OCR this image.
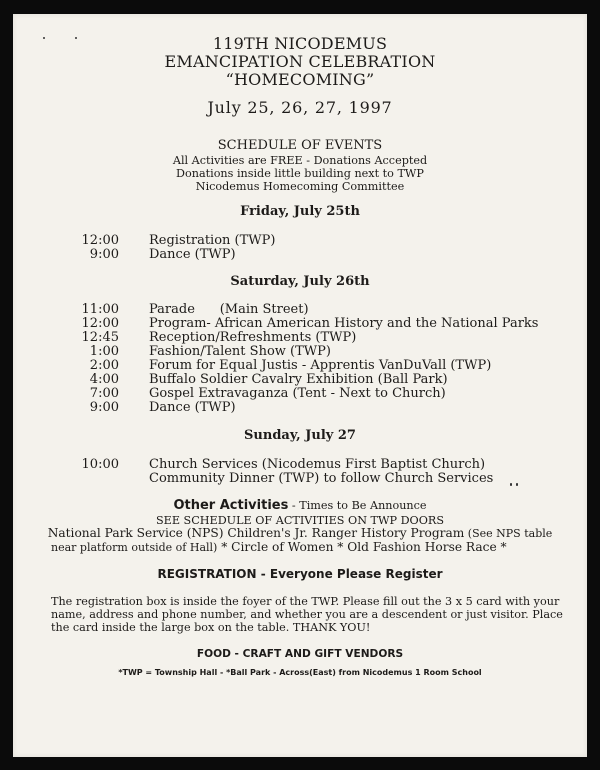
119TH NICODEMUS
EMANCIPATION CELEBRATION
“HOMECOMING”
July 25, 26, 27, 1997
SCHEDULE OF EVENTS
All Activities are FREE - Donations Accepted
Donations inside little building next to TWP
Nicodemus Homecoming Committee
Friday, July 25th
12:00 Registration (TWP)
9:00 Dance (TWP)
Saturday, July 26th
11:00 Parade      (Main Street)
12:00 Program- African American History and the National Parks
12:45 Reception/Refreshments (TWP)
1:00 Fashion/Talent Show (TWP)
2:00 Forum for Equal Justis - Apprentis VanDuVall (TWP)
4:00 Buffalo Soldier Cavalry Exhibition (Ball Park)
7:00 Gospel Extravaganza (Tent - Next to Church)
9:00 Dance (TWP)
Sunday, July 27
10:00 Church Services (Nicodemus First Baptist Church)
Community Dinner (TWP) to follow Church Services
Other Activities - Times to Be Announce
SEE SCHEDULE OF ACTIVITIES ON TWP DOORS
National Park Service (NPS) Children's Jr. Ranger History Program (See NPS table
near platform outside of Hall) * Circle of Women * Old Fashion Horse Race *
REGISTRATION - Everyone Please Register
The registration box is inside the foyer of the TWP. Please fill out the 3 x 5 card with your
name, address and phone number, and whether you are a descendent or just visitor. Place
the card inside the large box on the table. THANK YOU!
FOOD - CRAFT AND GIFT VENDORS
*TWP = Township Hall - *Ball Park - Across(East) from Nicodemus 1 Room School
